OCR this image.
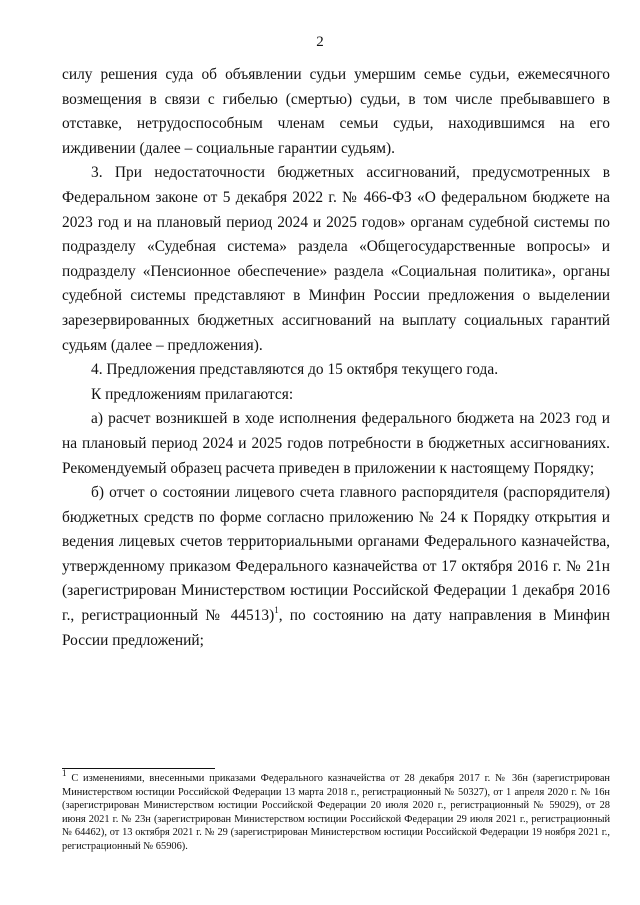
2

силу решения суда об объявлении судьи умершим семье судьи, ежемесячного возмещения в связи с гибелью (смертью) судьи, в том числе пребывавшего в отставке, нетрудоспособным членам семьи судьи, находившимся на его иждивении (далее – социальные гарантии судьям).

3. При недостаточности бюджетных ассигнований, предусмотренных в Федеральном законе от 5 декабря 2022 г. № 466-ФЗ «О федеральном бюджете на 2023 год и на плановый период 2024 и 2025 годов» органам судебной системы по подразделу «Судебная система» раздела «Общегосударственные вопросы» и подразделу «Пенсионное обеспечение» раздела «Социальная политика», органы судебной системы представляют в Минфин России предложения о выделении зарезервированных бюджетных ассигнований на выплату социальных гарантий судьям (далее – предложения).

4. Предложения представляются до 15 октября текущего года.

К предложениям прилагаются:

а) расчет возникшей в ходе исполнения федерального бюджета на 2023 год и на плановый период 2024 и 2025 годов потребности в бюджетных ассигнованиях. Рекомендуемый образец расчета приведен в приложении к настоящему Порядку;

б) отчет о состоянии лицевого счета главного распорядителя (распорядителя) бюджетных средств по форме согласно приложению № 24 к Порядку открытия и ведения лицевых счетов территориальными органами Федерального казначейства, утвержденному приказом Федерального казначейства от 17 октября 2016 г. № 21н (зарегистрирован Министерством юстиции Российской Федерации 1 декабря 2016 г., регистрационный № 44513)$^1$, по состоянию на дату направления в Минфин России предложений;

$^1$ С изменениями, внесенными приказами Федерального казначейства от 28 декабря 2017 г. № 36н (зарегистрирован Министерством юстиции Российской Федерации 13 марта 2018 г., регистрационный № 50327), от 1 апреля 2020 г. № 16н (зарегистрирован Министерством юстиции Российской Федерации 20 июля 2020 г., регистрационный № 59029), от 28 июня 2021 г. № 23н (зарегистрирован Министерством юстиции Российской Федерации 29 июля 2021 г., регистрационный № 64462), от 13 октября 2021 г. № 29 (зарегистрирован Министерством юстиции Российской Федерации 19 ноября 2021 г., регистрационный № 65906).
